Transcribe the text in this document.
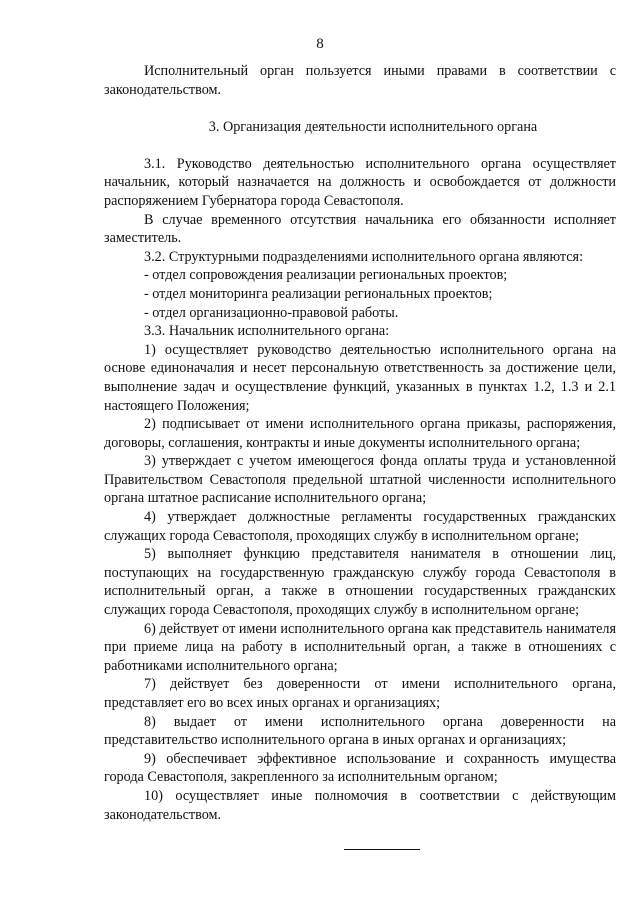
8

Исполнительный орган пользуется иными правами в соответствии с законодательством.

3. Организация деятельности исполнительного органа

3.1. Руководство деятельностью исполнительного органа осуществляет начальник, который назначается на должность и освобождается от должности распоряжением Губернатора города Севастополя.

В случае временного отсутствия начальника его обязанности исполняет заместитель.

3.2. Структурными подразделениями исполнительного органа являются:

- отдел сопровождения реализации региональных проектов;

- отдел мониторинга реализации региональных проектов;

- отдел организационно-правовой работы.

3.3. Начальник исполнительного органа:

1) осуществляет руководство деятельностью исполнительного органа на основе единоначалия и несет персональную ответственность за достижение цели, выполнение задач и осуществление функций, указанных в пунктах 1.2, 1.3 и 2.1 настоящего Положения;

2) подписывает от имени исполнительного органа приказы, распоряжения, договоры, соглашения, контракты и иные документы исполнительного органа;

3) утверждает с учетом имеющегося фонда оплаты труда и установленной Правительством Севастополя предельной штатной численности исполнительного органа штатное расписание исполнительного органа;

4) утверждает должностные регламенты государственных гражданских служащих города Севастополя, проходящих службу в исполнительном органе;

5) выполняет функцию представителя нанимателя в отношении лиц, поступающих на государственную гражданскую службу города Севастополя в исполнительный орган, а также в отношении государственных гражданских служащих города Севастополя, проходящих службу в исполнительном органе;

6) действует от имени исполнительного органа как представитель нанимателя при приеме лица на работу в исполнительный орган, а также в отношениях с работниками исполнительного органа;

7) действует без доверенности от имени исполнительного органа, представляет его во всех иных органах и организациях;

8) выдает от имени исполнительного органа доверенности на представительство исполнительного органа в иных органах и организациях;

9) обеспечивает эффективное использование и сохранность имущества города Севастополя, закрепленного за исполнительным органом;

10) осуществляет иные полномочия в соответствии с действующим законодательством.
